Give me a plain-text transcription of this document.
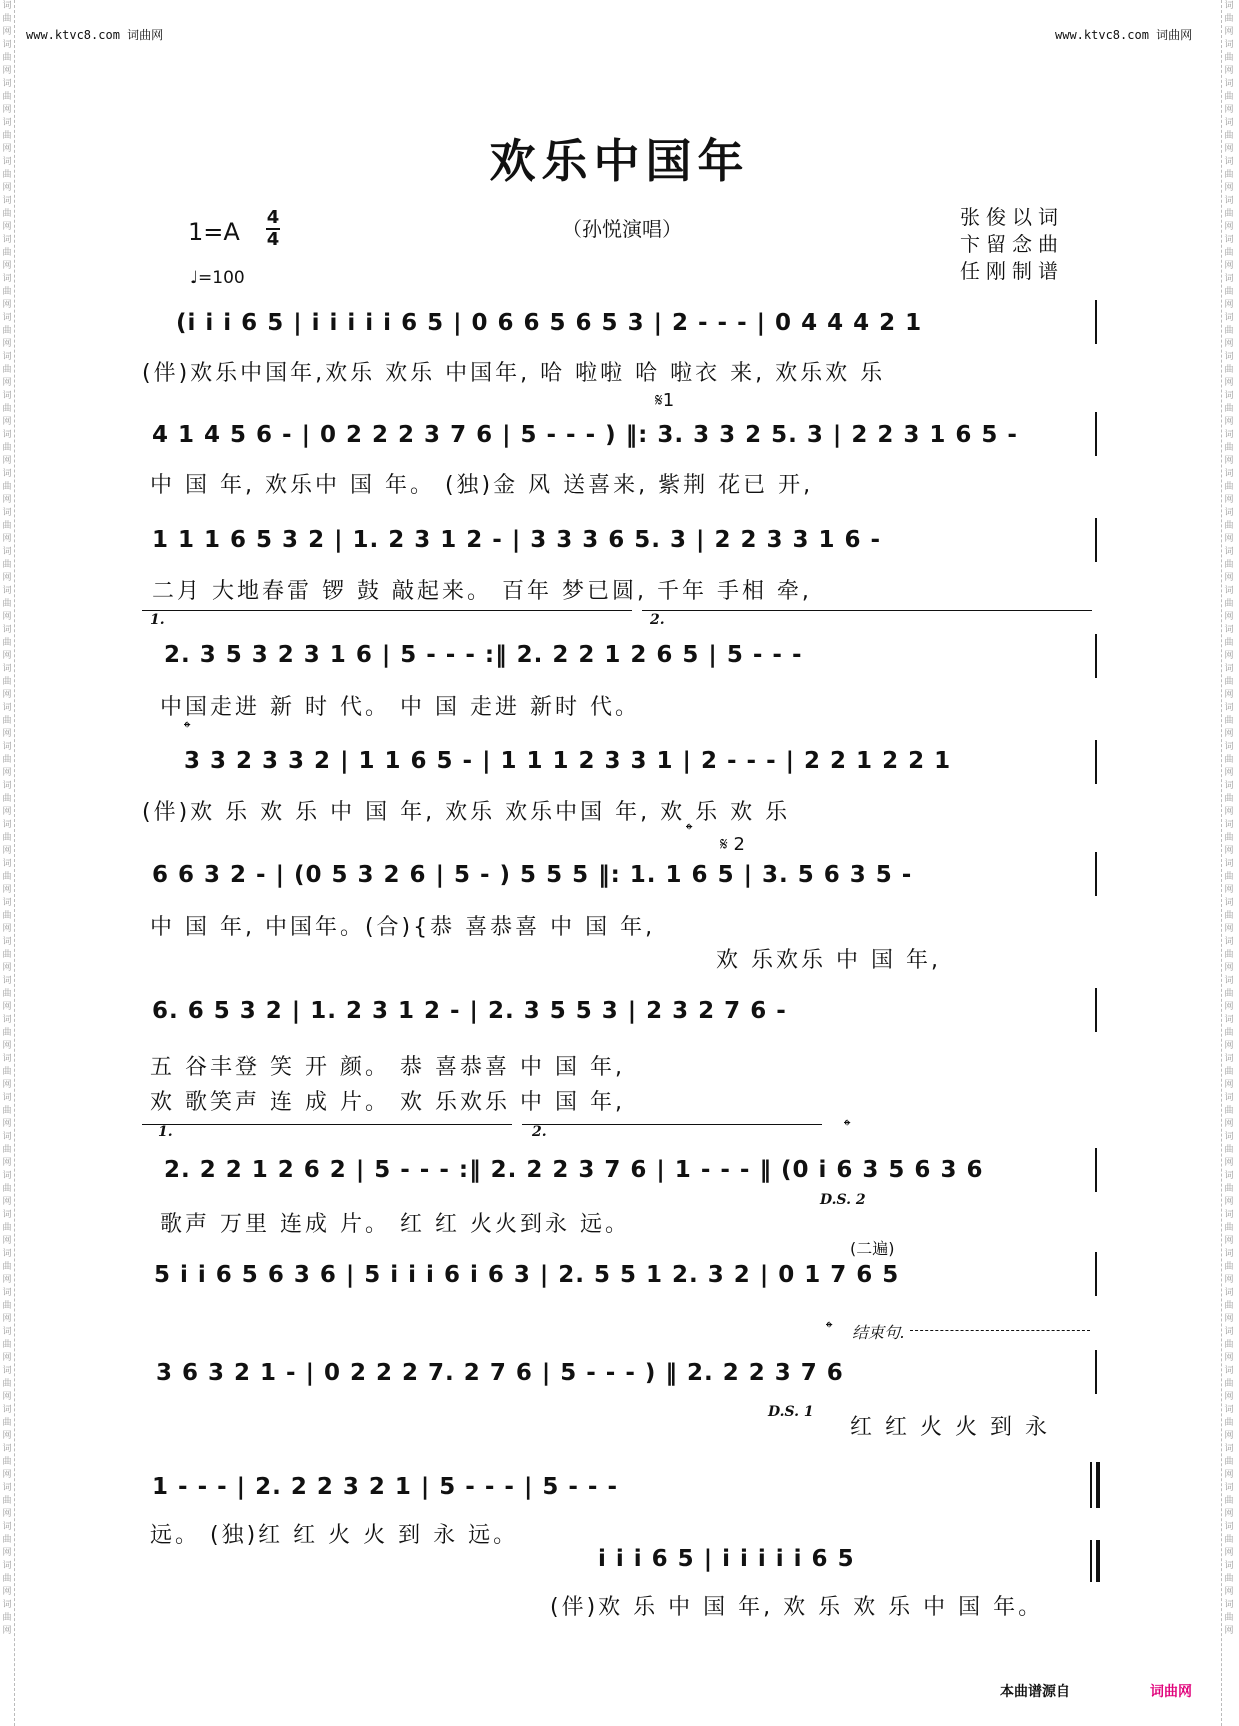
词曲网词曲网词曲网词曲网词曲网词曲网词曲网词曲网词曲网词曲网词曲网词曲网词曲网词曲网词曲网词曲网词曲网词曲网词曲网词曲网词曲网词曲网词曲网词曲网词曲网词曲网词曲网词曲网词曲网词曲网词曲网词曲网词曲网词曲网词曲网词曲网词曲网词曲网词曲网词曲网词曲网词曲网
词曲网词曲网词曲网词曲网词曲网词曲网词曲网词曲网词曲网词曲网词曲网词曲网词曲网词曲网词曲网词曲网词曲网词曲网词曲网词曲网词曲网词曲网词曲网词曲网词曲网词曲网词曲网词曲网词曲网词曲网词曲网词曲网词曲网词曲网词曲网词曲网词曲网词曲网词曲网词曲网词曲网词曲网
www.ktvc8.com 词曲网	www.ktvc8.com 词曲网
欢乐中国年
1=A
4
4
♩=100
（孙悦演唱）	张俊以词
卞留念曲
任刚制谱
(i i i 6 5 | i i i i i 6 5 | 0 6 6 5 6 5 3 | 2 - - - | 0 4 4 4 2 1
(伴)欢乐中国年,欢乐 欢乐 中国年, 哈 啦啦 哈 啦衣 来, 欢乐欢 乐
4 1 4 5 6 - | 0 2 2 2 3 7 6 | 5 - - - ) ‖: 3. 3 3 2 5. 3 | 2 2 3 1 6 5 -
中 国 年, 欢乐中 国 年。 (独)金 风 送喜来, 紫荆 花已 开,
𝄋1
1 1 1 6 5 3 2 | 1. 2 3 1 2 - | 3 3 3 6 5. 3 | 2 2 3 3 1 6 -
二月 大地春雷 锣 鼓 敲起来。 百年 梦已圆, 千年 手相 牵,
1.	2.
2. 3 5 3 2 3 1 6 | 5 - - - :‖ 2. 2 2 1 2 6 5 | 5 - - -
中国走进 新 时 代。 中 国 走进 新时 代。
𝄌
3 3 2 3 3 2 | 1 1 6 5 - | 1 1 1 2 3 3 1 | 2 - - - | 2 2 1 2 2 1
(伴)欢 乐 欢 乐 中 国 年, 欢乐 欢乐中国 年, 欢 乐 欢 乐
𝄌
𝄋 2
6 6 3 2 - | (0 5 3 2 6 | 5 - ) 5 5 5 ‖: 1. 1 6 5 | 3. 5 6 3 5 -
中 国 年, 中国年。(合){恭 喜恭喜 中 国 年,
欢 乐欢乐 中 国 年,
6. 6 5 3 2 | 1. 2 3 1 2 - | 2. 3 5 5 3 | 2 3 2 7 6 -
五 谷丰登 笑 开 颜。 恭 喜恭喜 中 国 年,
欢 歌笑声 连 成 片。 欢 乐欢乐 中 国 年,
1.	2.	𝄌
2. 2 2 1 2 6 2 | 5 - - - :‖ 2. 2 2 3 7 6 | 1 - - - ‖ (0 i 6 3 5 6 3 6
歌声 万里 连成 片。 红 红 火火到永 远。
D.S. 2
(二遍)
5 i i 6 5 6 3 6 | 5 i i i 6 i 6 3 | 2. 5 5 1 2. 3 2 | 0 1 7 6 5
𝄌 结束句.
3 6 3 2 1 - | 0 2 2 2 7. 2 7 6 | 5 - - - ) ‖ 2. 2 2 3 7 6
D.S. 1
红 红 火 火 到 永
1 - - - | 2. 2 2 3 2 1 | 5 - - - | 5 - - -
远。 (独)红 红 火 火 到 永 远。
i i i 6 5 | i i i i i 6 5
(伴)欢 乐 中 国 年, 欢 乐 欢 乐 中 国 年。
本曲谱源自	词曲网
